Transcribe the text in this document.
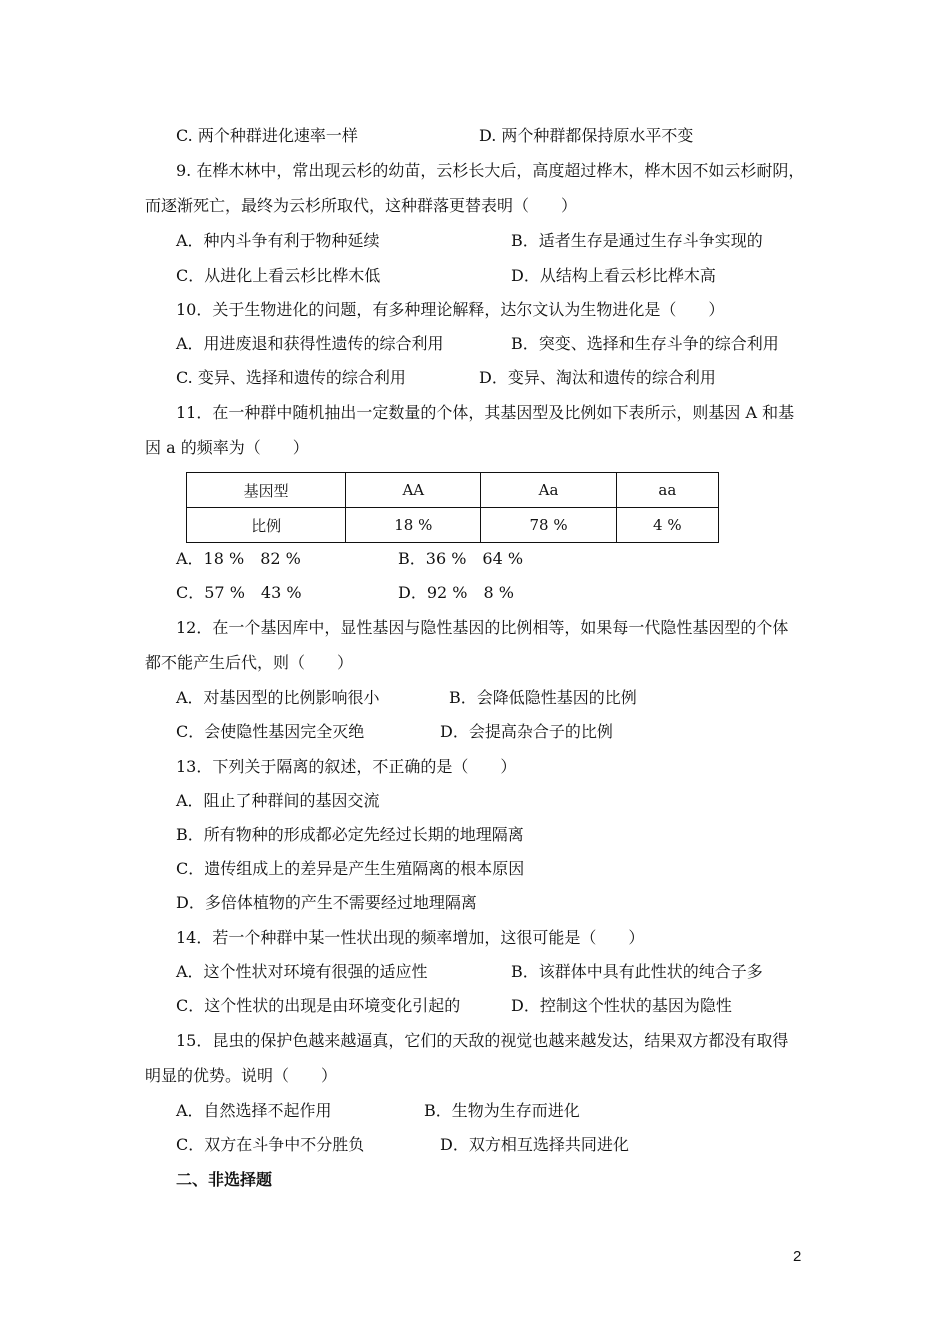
C. 两个种群进化速率一样	D. 两个种群都保持原水平不变
9. 在桦木林中，常出现云杉的幼苗，云杉长大后，高度超过桦木，桦木因不如云杉耐阴，
而逐渐死亡，最终为云杉所取代，这种群落更替表明（　　）
A．种内斗争有利于物种延续	B．适者生存是通过生存斗争实现的
C．从进化上看云杉比桦木低	D．从结构上看云杉比桦木高
10．关于生物进化的问题，有多种理论解释，达尔文认为生物进化是（　　）
A．用进废退和获得性遗传的综合利用	B．突变、选择和生存斗争的综合利用
C. 变异、选择和遗传的综合利用	D．变异、淘汰和遗传的综合利用
11．在一种群中随机抽出一定数量的个体，其基因型及比例如下表所示，则基因 A 和基
因 a 的频率为（　　）
基因型	AA	Aa	aa
比例	18 %	78 %	4 %
A．18 %　82 %	B．36 %　64 %
C．57 %　43 %	D．92 %　8 %
12．在一个基因库中，显性基因与隐性基因的比例相等，如果每一代隐性基因型的个体
都不能产生后代，则（　　）
A．对基因型的比例影响很小	B．会降低隐性基因的比例
C．会使隐性基因完全灭绝	D．会提高杂合子的比例
13．下列关于隔离的叙述，不正确的是（　　）
A．阻止了种群间的基因交流
B．所有物种的形成都必定先经过长期的地理隔离
C．遗传组成上的差异是产生生殖隔离的根本原因
D．多倍体植物的产生不需要经过地理隔离
14．若一个种群中某一性状出现的频率增加，这很可能是（　　）
A．这个性状对环境有很强的适应性	B．该群体中具有此性状的纯合子多
C．这个性状的出现是由环境变化引起的	D．控制这个性状的基因为隐性
15．昆虫的保护色越来越逼真，它们的天敌的视觉也越来越发达，结果双方都没有取得
明显的优势。说明（　　）
A．自然选择不起作用	B．生物为生存而进化
C．双方在斗争中不分胜负	D．双方相互选择共同进化
二、非选择题
2
